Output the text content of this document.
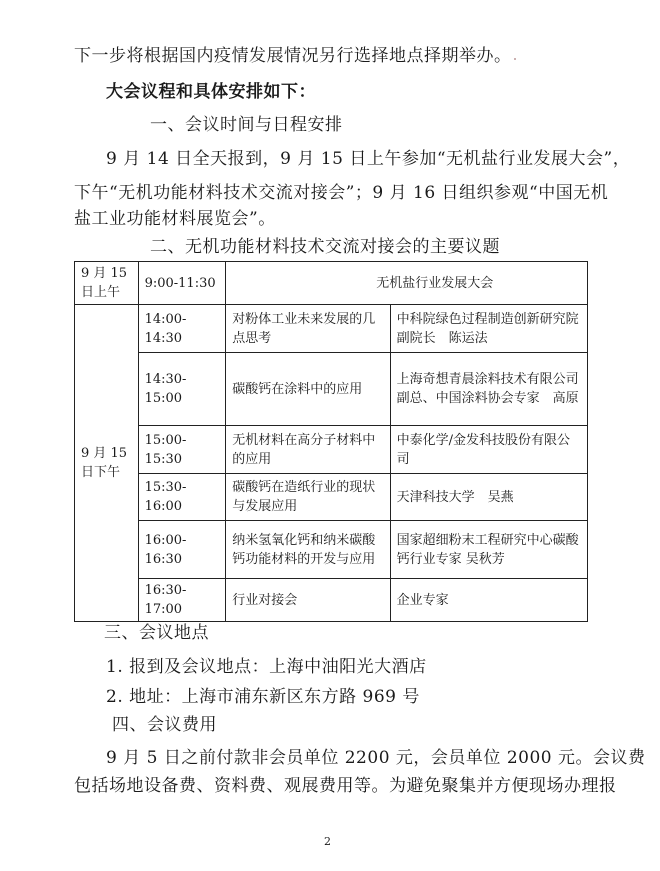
下一步将根据国内疫情发展情况另行选择地点择期举办。
大会议程和具体安排如下：
一、会议时间与日程安排
9 月 14 日全天报到，9 月 15 日上午参加“无机盐行业发展大会”，
下午“无机功能材料技术交流对接会”；9 月 16 日组织参观“中国无机
盐工业功能材料展览会”。
二、无机功能材料技术交流对接会的主要议题
9 月 15 日上午	9:00-11:30	无机盐行业发展大会	
9 月 15 日下午	14:00-14:30	对粉体工业未来发展的几点思考	中科院绿色过程制造创新研究院副院长　陈运法
	14:30-15:00	碳酸钙在涂料中的应用	上海奇想青晨涂料技术有限公司副总、中国涂料协会专家　高原
	15:00-15:30	无机材料在高分子材料中的应用	中泰化学/金发科技股份有限公司
	15:30-16:00	碳酸钙在造纸行业的现状与发展应用	天津科技大学　吴燕
	16:00-16:30	纳米氢氧化钙和纳米碳酸钙功能材料的开发与应用	国家超细粉末工程研究中心碳酸钙行业专家 吴秋芳
	16:30-17:00	行业对接会	企业专家
三、会议地点
1. 报到及会议地点：上海中油阳光大酒店
2. 地址：上海市浦东新区东方路 969 号
四、会议费用
9 月 5 日之前付款非会员单位 2200 元，会员单位 2000 元。会议费
包括场地设备费、资料费、观展费用等。为避免聚集并方便现场办理报
2
